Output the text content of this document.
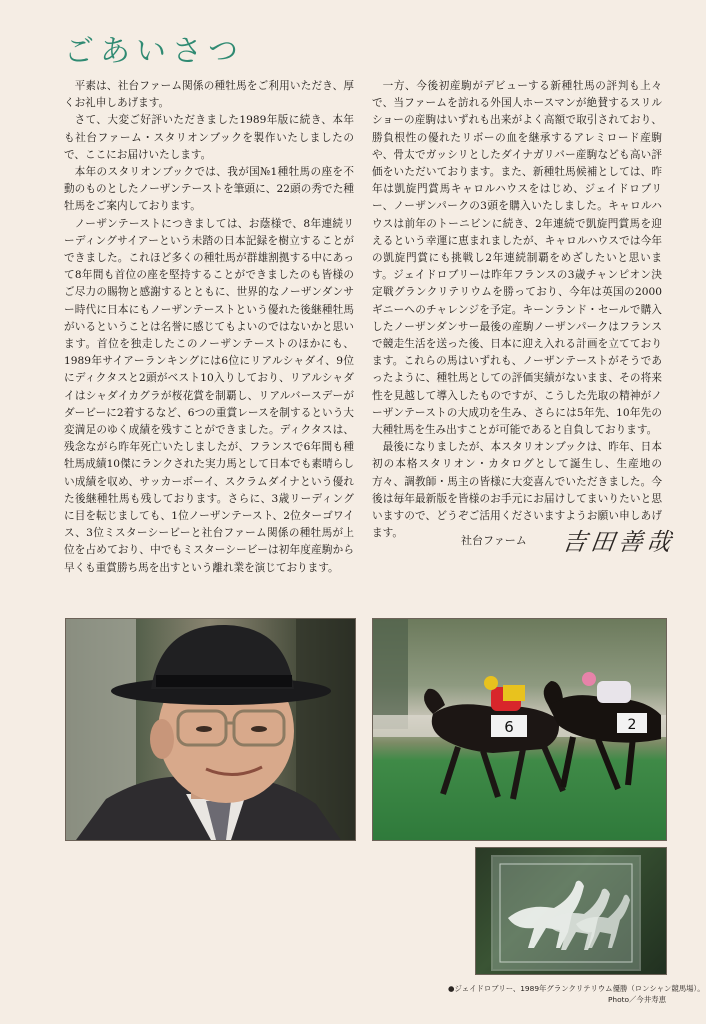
ごあいさつ

平素は、社台ファーム関係の種牡馬をご利用いただき、厚くお礼申しあげます。

さて、大変ご好評いただきました1989年版に続き、本年も社台ファーム・スタリオンブックを製作いたしましたので、ここにお届けいたします。

本年のスタリオンブックでは、我が国№1種牡馬の座を不動のものとしたノーザンテーストを筆頭に、22頭の秀でた種牡馬をご案内しております。

ノーザンテーストにつきましては、お蔭様で、8年連続リーディングサイアーという未踏の日本記録を樹立することができました。これほど多くの種牡馬が群雄割拠する中にあって8年間も首位の座を堅持することができましたのも皆様のご尽力の賜物と感謝するとともに、世界的なノーザンダンサー時代に日本にもノーザンテーストという優れた後継種牡馬がいるということは名誉に感じてもよいのではないかと思います。首位を独走したこのノーザンテーストのほかにも、1989年サイアーランキングには6位にリアルシャダイ、9位にディクタスと2頭がベスト10入りしており、リアルシャダイはシャダイカグラが桜花賞を制覇し、リアルバースデーがダービーに2着するなど、6つの重賞レースを制するという大変満足のゆく成績を残すことができました。ディクタスは、残念ながら昨年死亡いたしましたが、フランスで6年間も種牡馬成績10傑にランクされた実力馬として日本でも素晴らしい成績を収め、サッカーボーイ、スクラムダイナという優れた後継種牡馬も残しております。さらに、3歳リーディングに目を転じましても、1位ノーザンテースト、2位ターゴワイス、3位ミスターシービーと社台ファーム関係の種牡馬が上位を占めており、中でもミスターシービーは初年度産駒から早くも重賞勝ち馬を出すという離れ業を演じております。

一方、今後初産駒がデビューする新種牡馬の評判も上々で、当ファームを訪れる外国人ホースマンが絶賛するスリルショーの産駒はいずれも出来がよく高額で取引されており、勝負根性の優れたリボーの血を継承するアレミロード産駒や、骨太でガッシリとしたダイナガリバー産駒なども高い評価をいただいております。また、新種牡馬候補としては、昨年は凱旋門賞馬キャロルハウスをはじめ、ジェイドロブリー、ノーザンパークの3頭を購入いたしました。キャロルハウスは前年のトーニビンに続き、2年連続で凱旋門賞馬を迎えるという幸運に恵まれましたが、キャロルハウスでは今年の凱旋門賞にも挑戦し2年連続制覇をめざしたいと思います。ジェイドロブリーは昨年フランスの3歳チャンピオン決定戦グランクリテリウムを勝っており、今年は英国の2000ギニーへのチャレンジを予定。キーンランド・セールで購入したノーザンダンサー最後の産駒ノーザンパークはフランスで競走生活を送った後、日本に迎え入れる計画を立てております。これらの馬はいずれも、ノーザンテーストがそうであったように、種牡馬としての評価実績がないまま、その将来性を見越して導入したものですが、こうした先取の精神がノーザンテーストの大成功を生み、さらには5年先、10年先の大種牡馬を生み出すことが可能であると自負しております。

最後になりましたが、本スタリオンブックは、昨年、日本初の本格スタリオン・カタログとして誕生し、生産地の方々、調教師・馬主の皆様に大変喜んでいただきました。今後は毎年最新版を皆様のお手元にお届けしてまいりたいと思いますので、どうぞご活用くださいますようお願い申しあげます。

社台ファーム 吉田善哉
6	2
●ジェイドロブリー、1989年グランクリテリウム優勝（ロンシャン競馬場）。
Photo／今井寿恵
